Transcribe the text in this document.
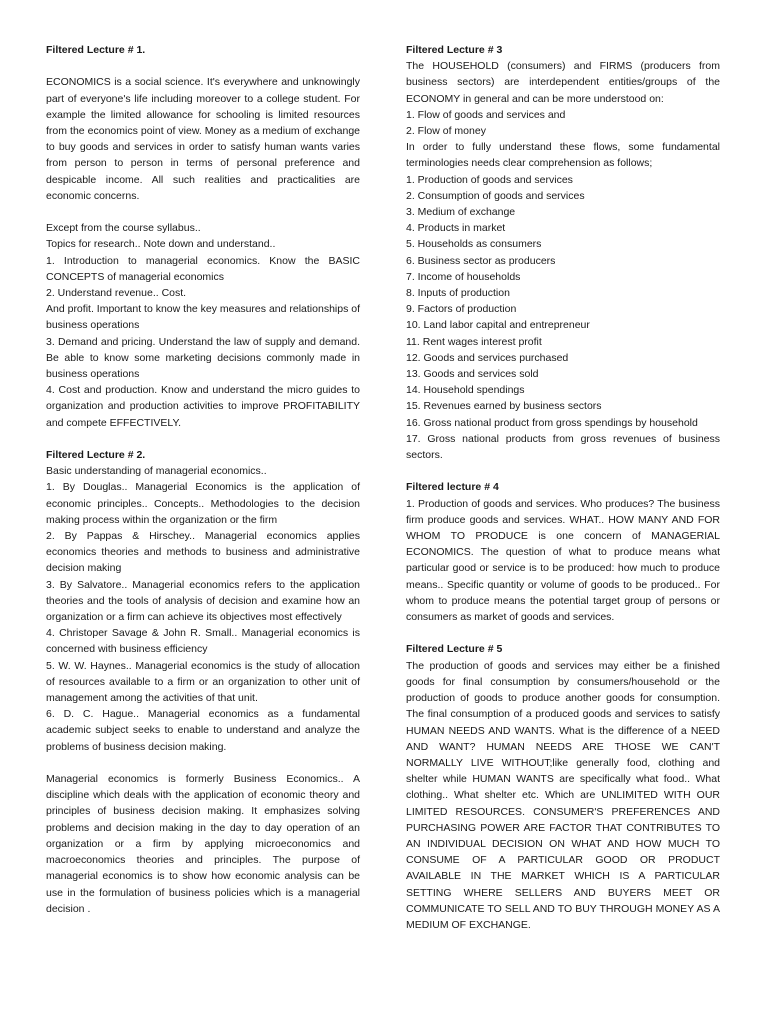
Filtered Lecture # 1.

ECONOMICS is a social science. It's everywhere and unknowingly part of everyone's life including moreover to a college student. For example the limited allowance for schooling is limited resources from the economics point of view. Money as a medium of exchange to buy goods and services in order to satisfy human wants varies from person to person in terms of personal preference and despicable income. All such realities and practicalities are economic concerns.

Except from the course syllabus..

Topics for research.. Note down and understand..

1. Introduction to managerial economics. Know the BASIC CONCEPTS of managerial economics

2. Understand revenue.. Cost.

And profit. Important to know the key measures and relationships of business operations

3. Demand and pricing. Understand the law of supply and demand. Be able to know some marketing decisions commonly made in business operations

4. Cost and production. Know and understand the micro guides to organization and production activities to improve PROFITABILITY and compete EFFECTIVELY.

Filtered Lecture # 2.

Basic understanding of managerial economics..

1. By Douglas.. Managerial Economics is the application of economic principles.. Concepts.. Methodologies to the decision making process within the organization or the firm

2. By Pappas & Hirschey.. Managerial economics applies economics theories and methods to business and administrative decision making

3. By Salvatore.. Managerial economics refers to the application theories and the tools of analysis of decision and examine how an organization or a firm can achieve its objectives most effectively

4. Christoper Savage & John R. Small.. Managerial economics is concerned with business efficiency

5. W. W. Haynes.. Managerial economics is the study of allocation of resources available to a firm or an organization to other unit of management among the activities of that unit.

6. D. C. Hague.. Managerial economics as a fundamental academic subject seeks to enable to understand and analyze the problems of business decision making.

Managerial economics is formerly Business Economics.. A discipline which deals with the application of economic theory and principles of business decision making. It emphasizes solving problems and decision making in the day to day operation of an organization or a firm by applying microeconomics and macroeconomics theories and principles. The purpose of managerial economics is to show how economic analysis can be use in the formulation of business policies which is a managerial decision .

Filtered Lecture # 3

The HOUSEHOLD (consumers) and FIRMS (producers from business sectors) are interdependent entities/groups of the ECONOMY in general and can be more understood on:

1. Flow of goods and services and

2. Flow of money

In order to fully understand these flows, some fundamental terminologies needs clear comprehension as follows;

1. Production of goods and services

2. Consumption of goods and services

3. Medium of exchange

4. Products in market

5. Households as consumers

6. Business sector as producers

7. Income of households

8. Inputs of production

9. Factors of production

10. Land labor capital and entrepreneur

11. Rent wages interest profit

12. Goods and services purchased

13. Goods and services sold

14. Household spendings

15. Revenues earned by business sectors

16. Gross national product from gross spendings by household

17. Gross national products from gross revenues of business sectors.

Filtered lecture # 4

1. Production of goods and services. Who produces? The business firm produce goods and services. WHAT.. HOW MANY AND FOR WHOM TO PRODUCE is one concern of MANAGERIAL ECONOMICS. The question of what to produce means what particular good or service is to be produced: how much to produce means.. Specific quantity or volume of goods to be produced.. For whom to produce means the potential target group of persons or consumers as market of goods and services.

Filtered Lecture # 5

The production of goods and services may either be a finished goods for final consumption by consumers/household or the production of goods to produce another goods for consumption. The final consumption of a produced goods and services to satisfy HUMAN NEEDS AND WANTS. What is the difference of a NEED AND WANT? HUMAN NEEDS ARE THOSE WE CAN'T NORMALLY LIVE WITHOUT;like generally food, clothing and shelter while HUMAN WANTS are specifically what food.. What clothing.. What shelter etc. Which are UNLIMITED WITH OUR LIMITED RESOURCES. CONSUMER'S PREFERENCES AND PURCHASING POWER ARE FACTOR THAT CONTRIBUTES TO AN INDIVIDUAL DECISION ON WHAT AND HOW MUCH TO CONSUME OF A PARTICULAR GOOD OR PRODUCT AVAILABLE IN THE MARKET WHICH IS A PARTICULAR SETTING WHERE SELLERS AND BUYERS MEET OR COMMUNICATE TO SELL AND TO BUY THROUGH MONEY AS A MEDIUM OF EXCHANGE.
